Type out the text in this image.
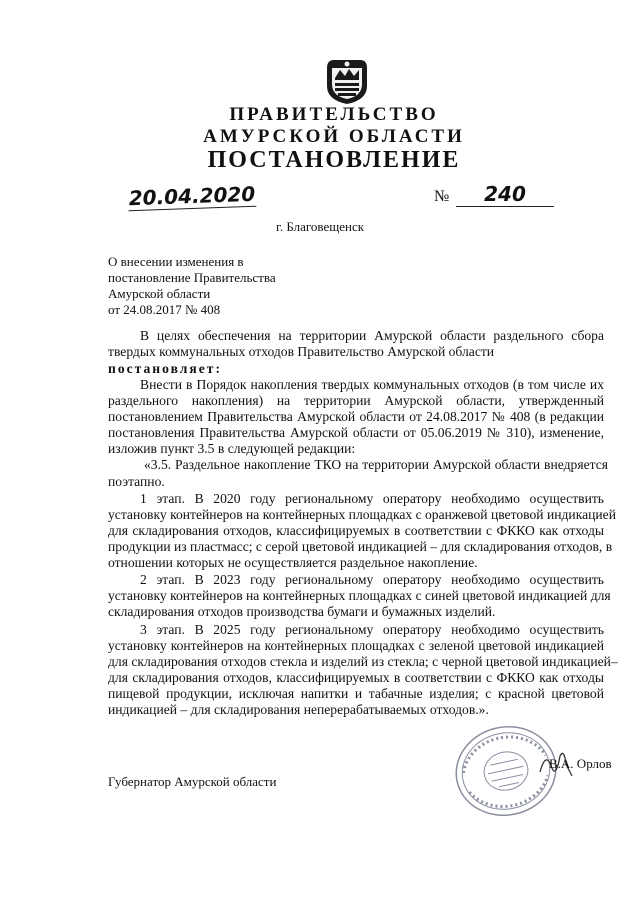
ПРАВИТЕЛЬСТВО
АМУРСКОЙ ОБЛАСТИ
ПОСТАНОВЛЕНИЕ
20.04.2020	№	240
г. Благовещенск
О внесении изменения в
постановление Правительства
Амурской области
от 24.08.2017 № 408
В целях обеспечения на территории Амурской области раздельного сбора
твердых коммунальных отходов Правительство Амурской области
постановляет:
Внести в Порядок накопления твердых коммунальных отходов (в том числе их
раздельного накопления) на территории Амурской области, утвержденный
постановлением Правительства Амурской области от 24.08.2017 № 408 (в редакции
постановления Правительства Амурской области от 05.06.2019 № 310), изменение,
изложив пункт 3.5 в следующей редакции:
«3.5. Раздельное накопление ТКО на территории Амурской области внедряется
поэтапно.
1 этап. В 2020 году региональному оператору необходимо осуществить
установку контейнеров на контейнерных площадках с оранжевой цветовой индикацией
для складирования отходов, классифицируемых в соответствии с ФККО как отходы
продукции из пластмасс; с серой цветовой индикацией – для складирования отходов, в
отношении которых не осуществляется раздельное накопление.
2 этап. В 2023 году региональному оператору необходимо осуществить
установку контейнеров на контейнерных площадках с синей цветовой индикацией для
складирования отходов производства бумаги и бумажных изделий.
3 этап. В 2025 году региональному оператору необходимо осуществить
установку контейнеров на контейнерных площадках с зеленой цветовой индикацией
для складирования отходов стекла и изделий из стекла; с черной цветовой индикацией–
для складирования отходов, классифицируемых в соответствии с ФККО как отходы
пищевой продукции, исключая напитки и табачные изделия; с красной цветовой
индикацией – для складирования неперерабатываемых отходов.».
Губернатор Амурской области
В.А. Орлов
